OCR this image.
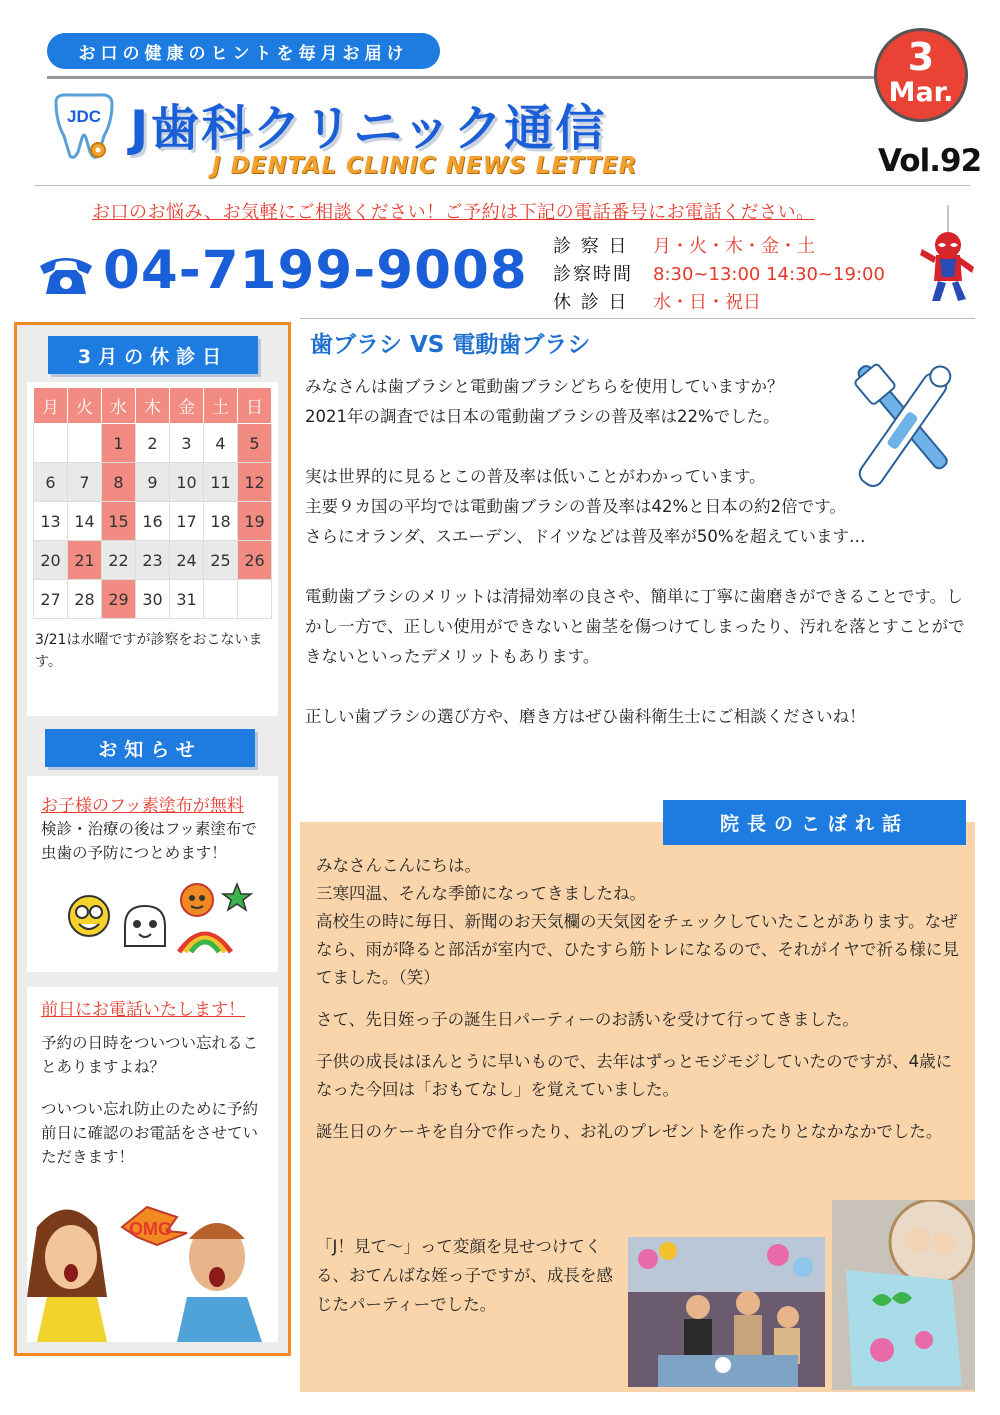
お口の健康のヒントを毎月お届け
JDC J歯科クリニック通信
J DENTAL CLINIC NEWS LETTER
3
Mar.
Vol.92
お口のお悩み、お気軽にご相談ください！ご予約は下記の電話番号にお電話ください。
04-7199-9008 診 察 日	月・火・木・金・土
診察時間	8:30~13:00 14:30~19:00
休 診 日	水・日・祝日
3月の休診日
月	火	水	木	金	土	日
		1	2	3	4	5
6	7	8	9	10	11	12
13	14	15	16	17	18	19
20	21	22	23	24	25	26
27	28	29	30	31		
3/21は水曜ですが診察をおこないます。
お知らせ
お子様のフッ素塗布が無料
検診・治療の後はフッ素塗布で虫歯の予防につとめます！
前日にお電話いたします！
予約の日時をついつい忘れることありますよね？
ついつい忘れ防止のために予約前日に確認のお電話をさせていただきます！
OMG
歯ブラシ VS 電動歯ブラシ

みなさんは歯ブラシと電動歯ブラシどちらを使用していますか？
2021年の調査では日本の電動歯ブラシの普及率は22%でした。

実は世界的に見るとこの普及率は低いことがわかっています。
主要９カ国の平均では電動歯ブラシの普及率は42%と日本の約2倍です。
さらにオランダ、スエーデン、ドイツなどは普及率が50%を超えています…

電動歯ブラシのメリットは清掃効率の良さや、簡単に丁寧に歯磨きができることです。しかし一方で、正しい使用ができないと歯茎を傷つけてしまったり、汚れを落とすことができないといったデメリットもあります。

正しい歯ブラシの選び方や、磨き方はぜひ歯科衛生士にご相談くださいね！

院長のこぼれ話

みなさんこんにちは。
三寒四温、そんな季節になってきましたね。
高校生の時に毎日、新聞のお天気欄の天気図をチェックしていたことがあります。なぜなら、雨が降ると部活が室内で、ひたすら筋トレになるので、それがイヤで祈る様に見てました。（笑）

さて、先日姪っ子の誕生日パーティーのお誘いを受けて行ってきました。

子供の成長はほんとうに早いもので、去年はずっとモジモジしていたのですが、4歳になった今回は「おもてなし」を覚えていました。

誕生日のケーキを自分で作ったり、お礼のプレゼントを作ったりとなかなかでした。

「J！見て〜」って変顔を見せつけてくる、おてんばな姪っ子ですが、成長を感じたパーティーでした。
